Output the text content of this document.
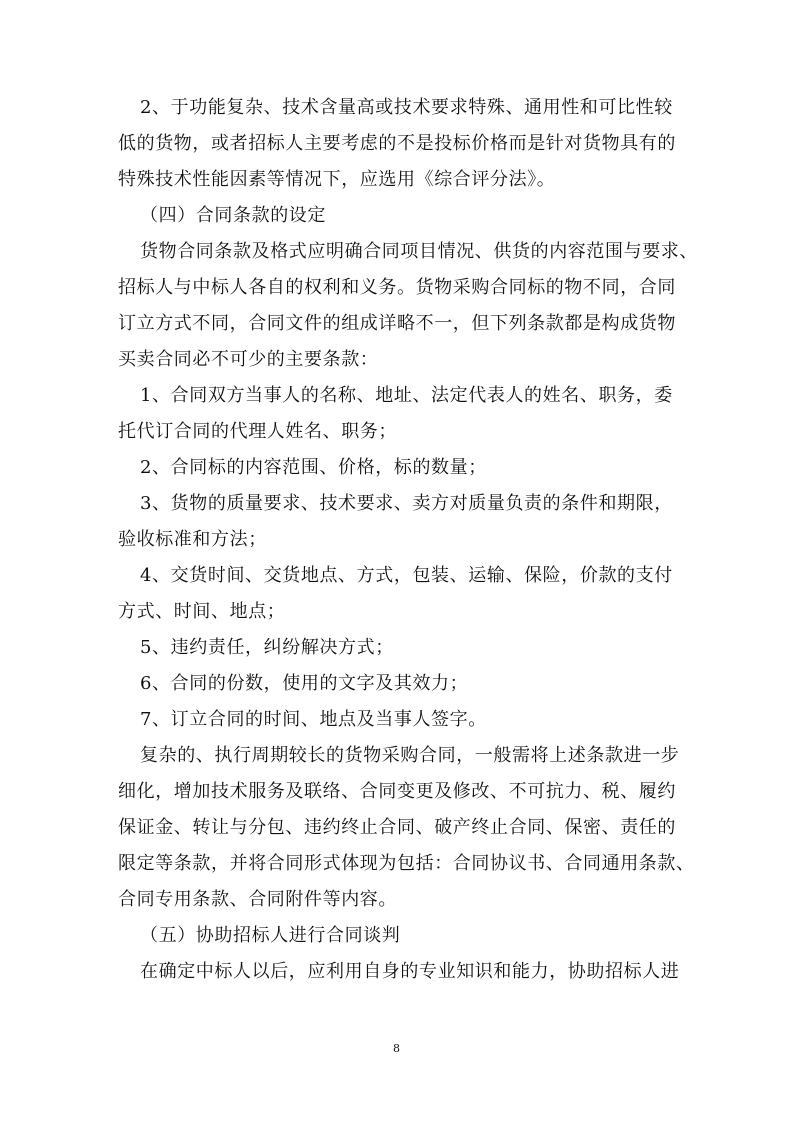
2、于功能复杂、技术含量高或技术要求特殊、通用性和可比性较
低的货物，或者招标人主要考虑的不是投标价格而是针对货物具有的
特殊技术性能因素等情况下，应选用《综合评分法》。
（四）合同条款的设定
货物合同条款及格式应明确合同项目情况、供货的内容范围与要求、
招标人与中标人各自的权利和义务。货物采购合同标的物不同，合同
订立方式不同，合同文件的组成详略不一，但下列条款都是构成货物
买卖合同必不可少的主要条款：
1、合同双方当事人的名称、地址、法定代表人的姓名、职务，委
托代订合同的代理人姓名、职务；
2、合同标的内容范围、价格，标的数量；
3、货物的质量要求、技术要求、卖方对质量负责的条件和期限，
验收标准和方法；
4、交货时间、交货地点、方式，包装、运输、保险，价款的支付
方式、时间、地点；
5、违约责任，纠纷解决方式；
6、合同的份数，使用的文字及其效力；
7、订立合同的时间、地点及当事人签字。
复杂的、执行周期较长的货物采购合同，一般需将上述条款进一步
细化，增加技术服务及联络、合同变更及修改、不可抗力、税、履约
保证金、转让与分包、违约终止合同、破产终止合同、保密、责任的
限定等条款，并将合同形式体现为包括：合同协议书、合同通用条款、
合同专用条款、合同附件等内容。
（五）协助招标人进行合同谈判
在确定中标人以后，应利用自身的专业知识和能力，协助招标人进
8
